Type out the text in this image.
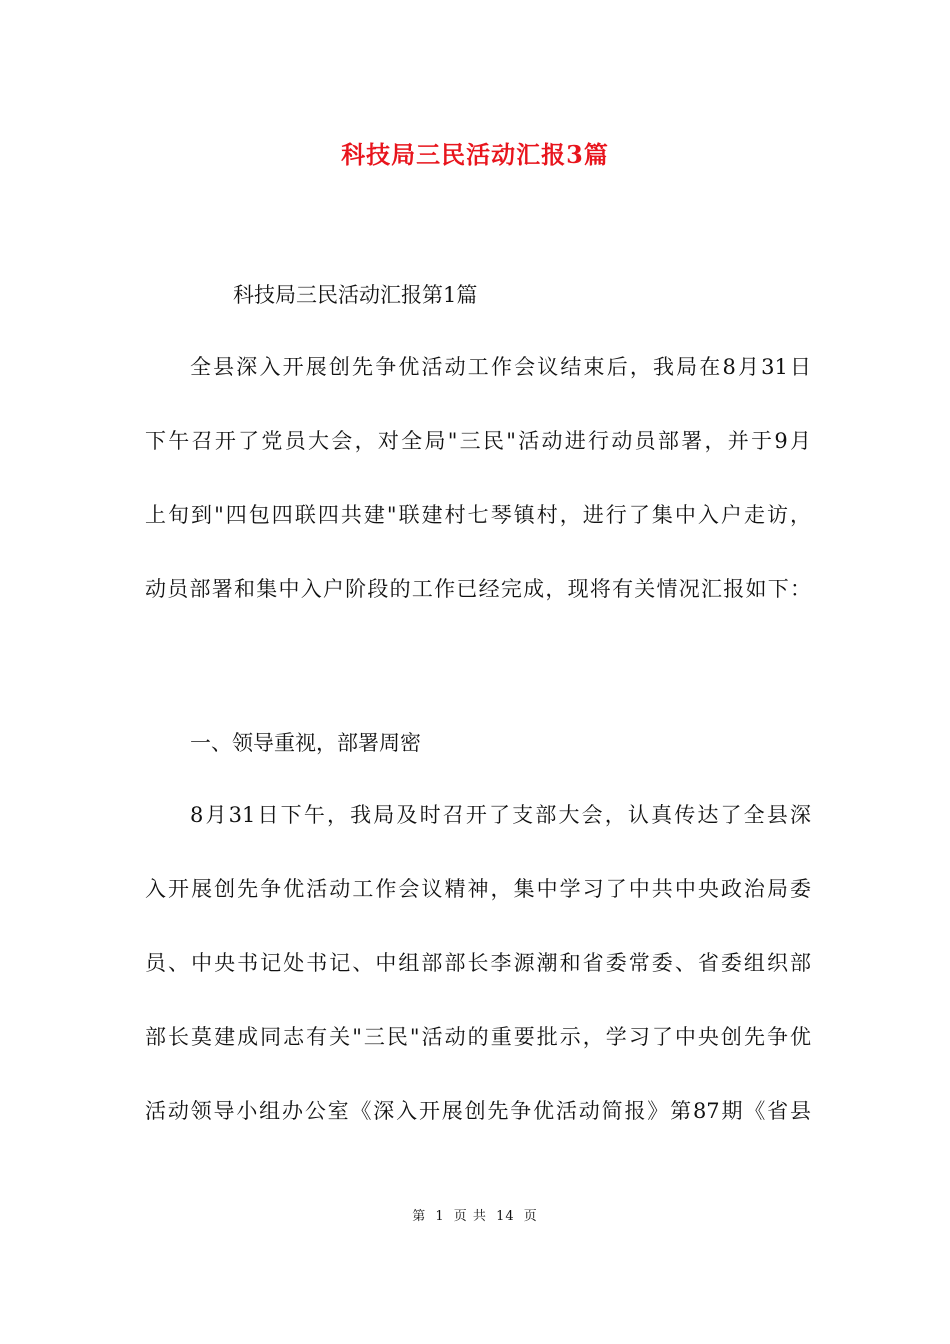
科技局三民活动汇报3篇
科技局三民活动汇报第1篇
全县深入开展创先争优活动工作会议结束后，我局在8月31日
下午召开了党员大会，对全局"三民"活动进行动员部署，并于9月
上旬到"四包四联四共建"联建村七琴镇村，进行了集中入户走访，
动员部署和集中入户阶段的工作已经完成，现将有关情况汇报如下：
一、领导重视，部署周密
8月31日下午，我局及时召开了支部大会，认真传达了全县深
入开展创先争优活动工作会议精神，集中学习了中共中央政治局委
员、中央书记处书记、中组部部长李源潮和省委常委、省委组织部
部长莫建成同志有关"三民"活动的重要批示，学习了中央创先争优
活动领导小组办公室《深入开展创先争优活动简报》第87期《省县
第 1 页 共 14 页
